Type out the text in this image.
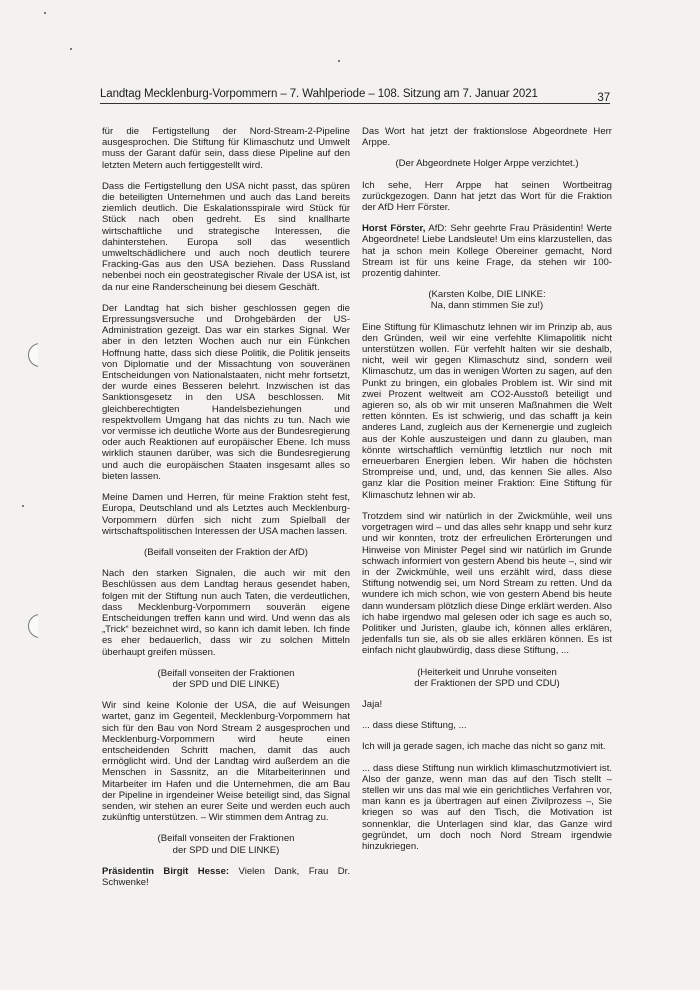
Landtag Mecklenburg-Vorpommern – 7. Wahlperiode – 108. Sitzung am 7. Januar 2021	37

für die Fertigstellung der Nord-Stream-2-Pipeline ausgesprochen. Die Stiftung für Klimaschutz und Umwelt muss der Garant dafür sein, dass diese Pipeline auf den letzten Metern auch fertiggestellt wird.

Dass die Fertigstellung den USA nicht passt, das spüren die beteiligten Unternehmen und auch das Land bereits ziemlich deutlich. Die Eskalationsspirale wird Stück für Stück nach oben gedreht. Es sind knallharte wirtschaftliche und strategische Interessen, die dahinterstehen. Europa soll das wesentlich umweltschädlichere und auch noch deutlich teurere Fracking-Gas aus den USA beziehen. Dass Russland nebenbei noch ein geostrategischer Rivale der USA ist, ist da nur eine Randerscheinung bei diesem Geschäft.

Der Landtag hat sich bisher geschlossen gegen die Erpressungsversuche und Drohgebärden der US-Administration gezeigt. Das war ein starkes Signal. Wer aber in den letzten Wochen auch nur ein Fünkchen Hoffnung hatte, dass sich diese Politik, die Politik jenseits von Diplomatie und der Missachtung von souveränen Entscheidungen von Nationalstaaten, nicht mehr fortsetzt, der wurde eines Besseren belehrt. Inzwischen ist das Sanktionsgesetz in den USA beschlossen. Mit gleichberechtigten Handelsbeziehungen und respektvollem Umgang hat das nichts zu tun. Nach wie vor vermisse ich deutliche Worte aus der Bundesregierung oder auch Reaktionen auf europäischer Ebene. Ich muss wirklich staunen darüber, was sich die Bundesregierung und auch die europäischen Staaten insgesamt alles so bieten lassen.

Meine Damen und Herren, für meine Fraktion steht fest, Europa, Deutschland und als Letztes auch Mecklenburg-Vorpommern dürfen sich nicht zum Spielball der wirtschaftspolitischen Interessen der USA machen lassen.

(Beifall vonseiten der Fraktion der AfD)

Nach den starken Signalen, die auch wir mit den Beschlüssen aus dem Landtag heraus gesendet haben, folgen mit der Stiftung nun auch Taten, die verdeutlichen, dass Mecklenburg-Vorpommern souverän eigene Entscheidungen treffen kann und wird. Und wenn das als „Trick“ bezeichnet wird, so kann ich damit leben. Ich finde es eher bedauerlich, dass wir zu solchen Mitteln überhaupt greifen müssen.

(Beifall vonseiten der Fraktionen
der SPD und DIE LINKE)

Wir sind keine Kolonie der USA, die auf Weisungen wartet, ganz im Gegenteil, Mecklenburg-Vorpommern hat sich für den Bau von Nord Stream 2 ausgesprochen und Mecklenburg-Vorpommern wird heute einen entscheidenden Schritt machen, damit das auch ermöglicht wird. Und der Landtag wird außerdem an die Menschen in Sassnitz, an die Mitarbeiterinnen und Mitarbeiter im Hafen und die Unternehmen, die am Bau der Pipeline in irgendeiner Weise beteiligt sind, das Signal senden, wir stehen an eurer Seite und werden euch auch zukünftig unterstützen. – Wir stimmen dem Antrag zu.

(Beifall vonseiten der Fraktionen
der SPD und DIE LINKE)

Präsidentin Birgit Hesse: Vielen Dank, Frau Dr. Schwenke!

Das Wort hat jetzt der fraktionslose Abgeordnete Herr Arppe.

(Der Abgeordnete Holger Arppe verzichtet.)

Ich sehe, Herr Arppe hat seinen Wortbeitrag zurückgezogen. Dann hat jetzt das Wort für die Fraktion der AfD Herr Förster.

Horst Förster, AfD: Sehr geehrte Frau Präsidentin! Werte Abgeordnete! Liebe Landsleute! Um eins klarzustellen, das hat ja schon mein Kollege Obereiner gemacht, Nord Stream ist für uns keine Frage, da stehen wir 100-prozentig dahinter.

(Karsten Kolbe, DIE LINKE:
Na, dann stimmen Sie zu!)

Eine Stiftung für Klimaschutz lehnen wir im Prinzip ab, aus den Gründen, weil wir eine verfehlte Klimapolitik nicht unterstützen wollen. Für verfehlt halten wir sie deshalb, nicht, weil wir gegen Klimaschutz sind, sondern weil Klimaschutz, um das in wenigen Worten zu sagen, auf den Punkt zu bringen, ein globales Problem ist. Wir sind mit zwei Prozent weltweit am CO2-Ausstoß beteiligt und agieren so, als ob wir mit unseren Maßnahmen die Welt retten könnten. Es ist schwierig, und das schafft ja kein anderes Land, zugleich aus der Kernenergie und zugleich aus der Kohle auszusteigen und dann zu glauben, man könnte wirtschaftlich vernünftig letztlich nur noch mit erneuerbaren Energien leben. Wir haben die höchsten Strompreise und, und, und, das kennen Sie alles. Also ganz klar die Position meiner Fraktion: Eine Stiftung für Klimaschutz lehnen wir ab.

Trotzdem sind wir natürlich in der Zwickmühle, weil uns vorgetragen wird – und das alles sehr knapp und sehr kurz und wir konnten, trotz der erfreulichen Erörterungen und Hinweise von Minister Pegel sind wir natürlich im Grunde schwach informiert von gestern Abend bis heute –, sind wir in der Zwickmühle, weil uns erzählt wird, dass diese Stiftung notwendig sei, um Nord Stream zu retten. Und da wundere ich mich schon, wie von gestern Abend bis heute dann wundersam plötzlich diese Dinge erklärt werden. Also ich habe irgendwo mal gelesen oder ich sage es auch so, Politiker und Juristen, glaube ich, können alles erklären, jedenfalls tun sie, als ob sie alles erklären können. Es ist einfach nicht glaubwürdig, dass diese Stiftung, ...

(Heiterkeit und Unruhe vonseiten
der Fraktionen der SPD und CDU)

Jaja!

... dass diese Stiftung, ...

Ich will ja gerade sagen, ich mache das nicht so ganz mit.

... dass diese Stiftung nun wirklich klimaschutzmotiviert ist. Also der ganze, wenn man das auf den Tisch stellt – stellen wir uns das mal wie ein gerichtliches Verfahren vor, man kann es ja übertragen auf einen Zivilprozess –, Sie kriegen so was auf den Tisch, die Motivation ist sonnenklar, die Unterlagen sind klar, das Ganze wird gegründet, um doch noch Nord Stream irgendwie hinzukriegen.
